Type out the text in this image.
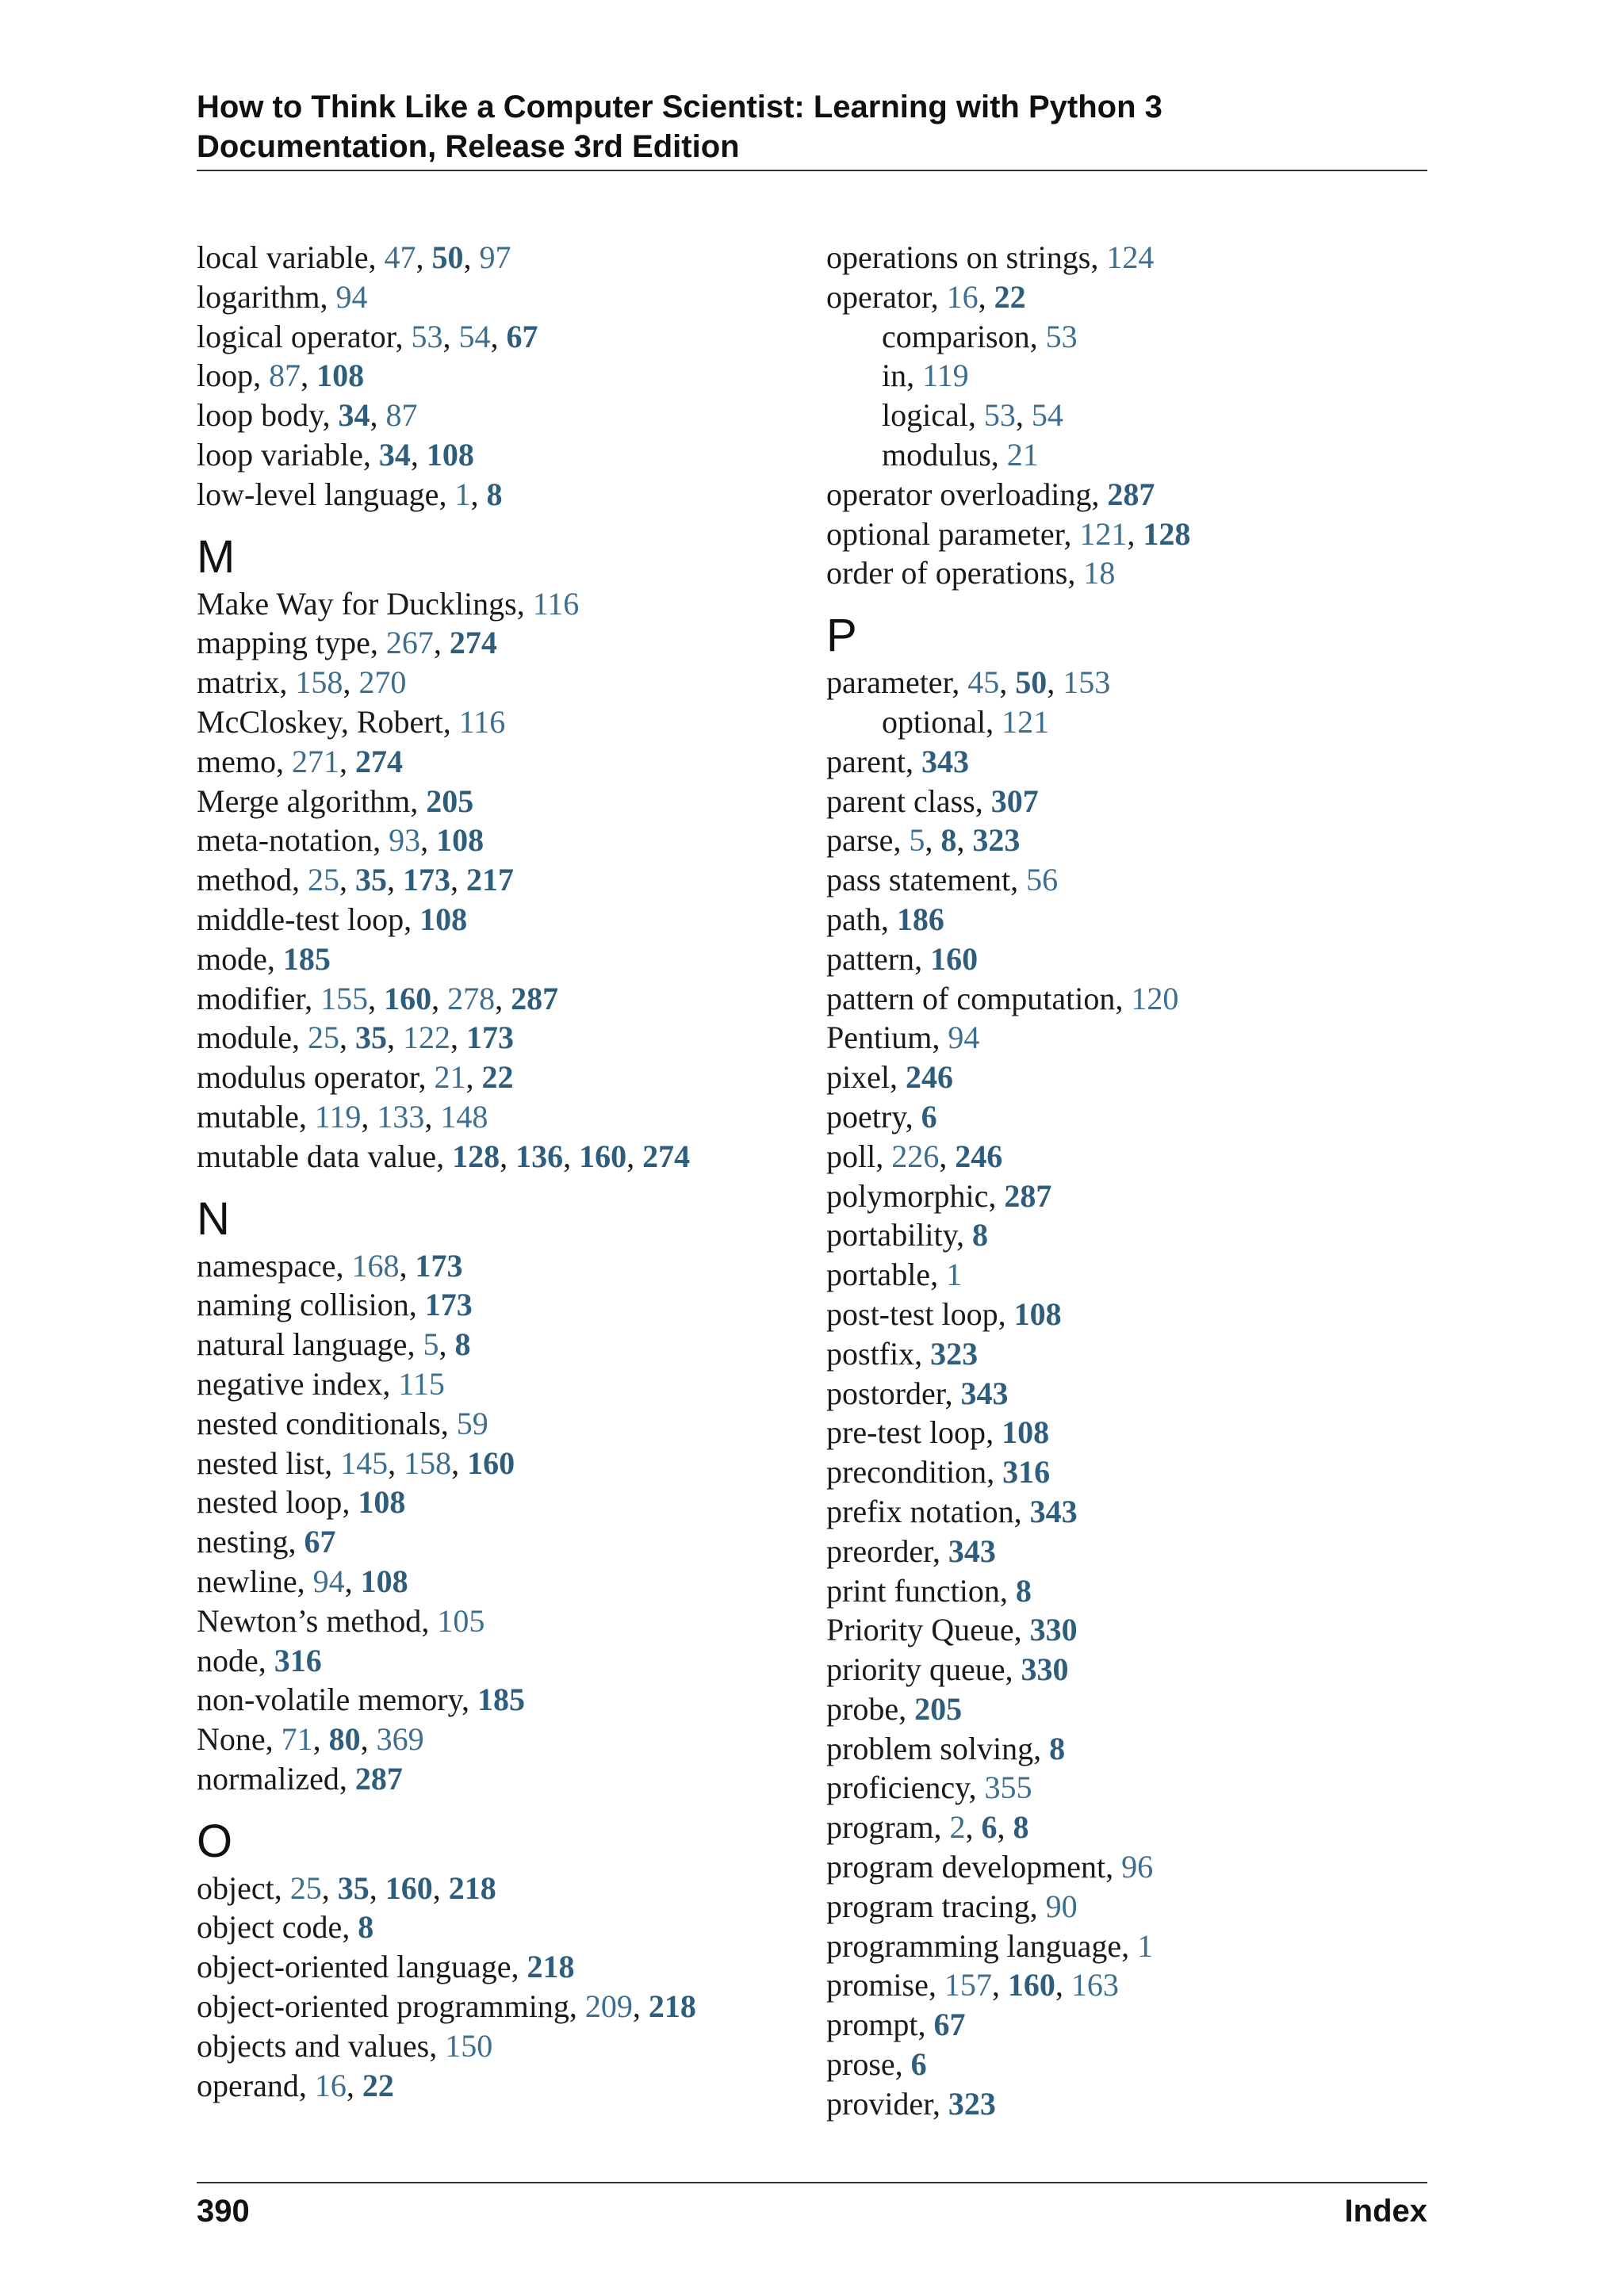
How to Think Like a Computer Scientist: Learning with Python 3
Documentation, Release 3rd Edition
local variable, 47, 50, 97
logarithm, 94
logical operator, 53, 54, 67
loop, 87, 108
loop body, 34, 87
loop variable, 34, 108
low-level language, 1, 8
M
Make Way for Ducklings, 116
mapping type, 267, 274
matrix, 158, 270
McCloskey, Robert, 116
memo, 271, 274
Merge algorithm, 205
meta-notation, 93, 108
method, 25, 35, 173, 217
middle-test loop, 108
mode, 185
modifier, 155, 160, 278, 287
module, 25, 35, 122, 173
modulus operator, 21, 22
mutable, 119, 133, 148
mutable data value, 128, 136, 160, 274
N
namespace, 168, 173
naming collision, 173
natural language, 5, 8
negative index, 115
nested conditionals, 59
nested list, 145, 158, 160
nested loop, 108
nesting, 67
newline, 94, 108
Newton’s method, 105
node, 316
non-volatile memory, 185
None, 71, 80, 369
normalized, 287
O
object, 25, 35, 160, 218
object code, 8
object-oriented language, 218
object-oriented programming, 209, 218
objects and values, 150
operand, 16, 22
operations on strings, 124
operator, 16, 22
comparison, 53
in, 119
logical, 53, 54
modulus, 21
operator overloading, 287
optional parameter, 121, 128
order of operations, 18
P
parameter, 45, 50, 153
optional, 121
parent, 343
parent class, 307
parse, 5, 8, 323
pass statement, 56
path, 186
pattern, 160
pattern of computation, 120
Pentium, 94
pixel, 246
poetry, 6
poll, 226, 246
polymorphic, 287
portability, 8
portable, 1
post-test loop, 108
postfix, 323
postorder, 343
pre-test loop, 108
precondition, 316
prefix notation, 343
preorder, 343
print function, 8
Priority Queue, 330
priority queue, 330
probe, 205
problem solving, 8
proficiency, 355
program, 2, 6, 8
program development, 96
program tracing, 90
programming language, 1
promise, 157, 160, 163
prompt, 67
prose, 6
provider, 323
390	Index
